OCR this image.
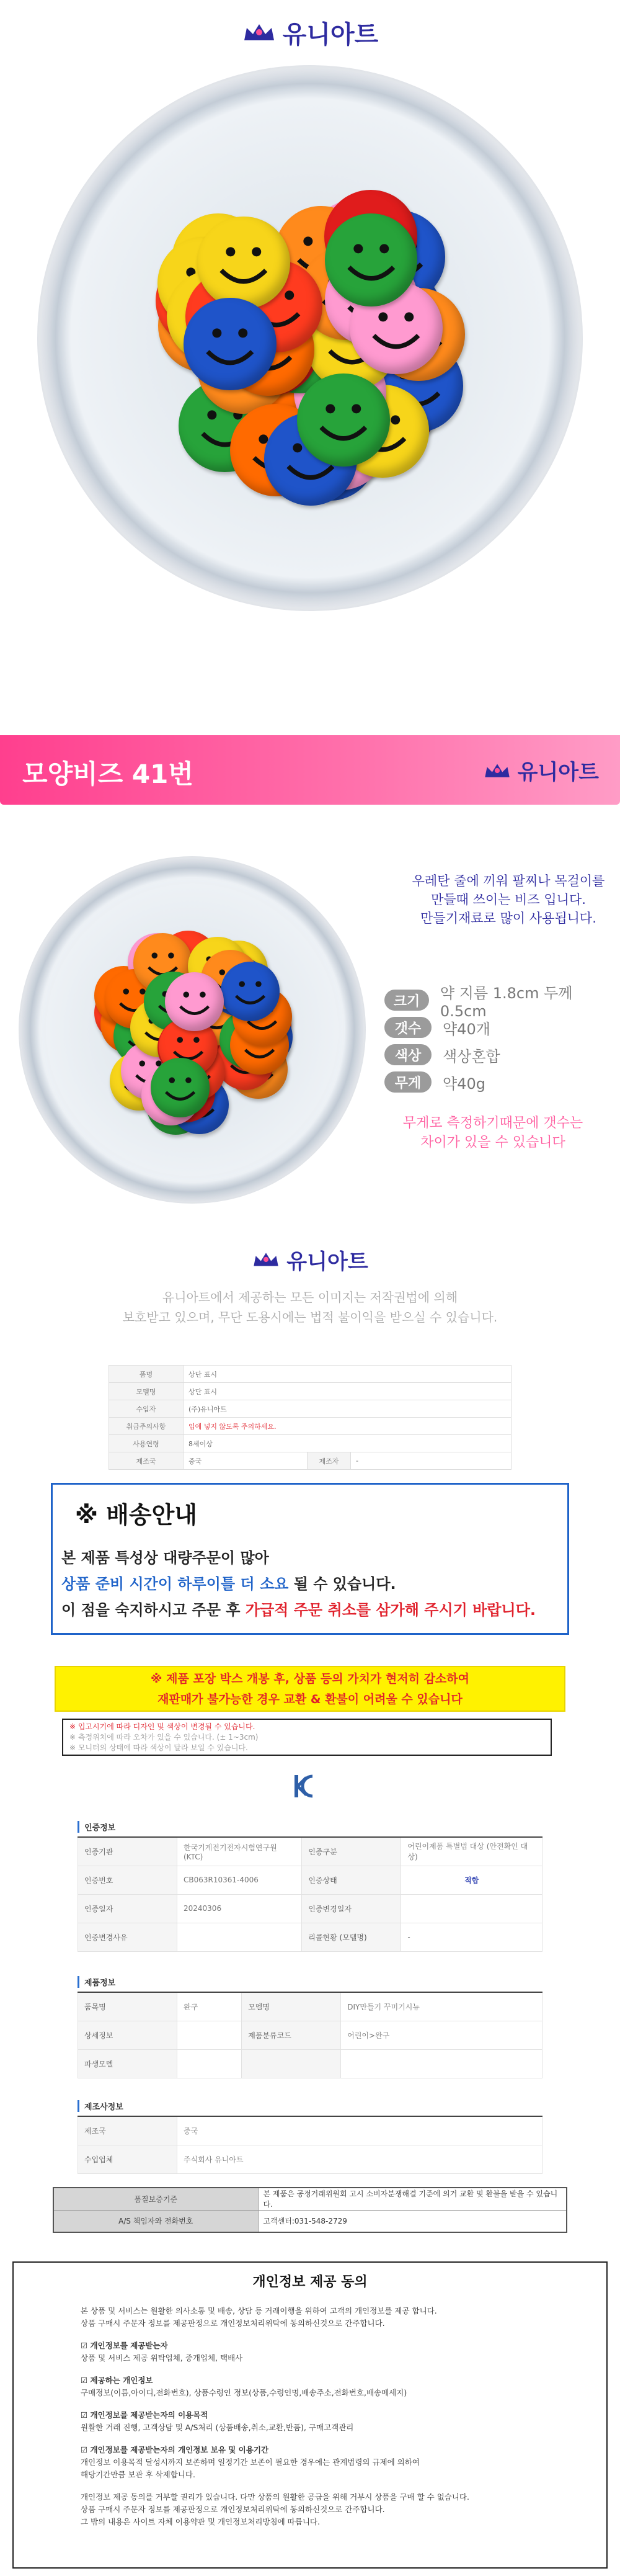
유니아트
모양비즈 41번	유니아트
우레탄 줄에 끼워 팔찌나 목걸이를
만들때 쓰이는 비즈 입니다.
만들기재료로 많이 사용됩니다.
크기	약 지름 1.8cm 두께 0.5cm
갯수	약40개
색상	색상혼합
무게	약40g
무게로 측정하기때문에 갯수는
차이가 있을 수 있습니다
유니아트
유니아트에서 제공하는 모든 이미지는 저작권법에 의해
보호받고 있으며, 무단 도용시에는 법적 불이익을 받으실 수 있습니다.
품명	상단 표시		
모델명	상단 표시		
수입자	(주)유니아트		
취급주의사항	입에 넣지 않도록 주의하세요.		
사용연령	8세이상		
제조국	중국	제조자	-
※ 배송안내
본 제품 특성상 대량주문이 많아
상품 준비 시간이 하루이틀 더 소요 될 수 있습니다.
이 점을 숙지하시고 주문 후 가급적 주문 취소를 삼가해 주시기 바랍니다.
※ 제품 포장 박스 개봉 후, 상품 등의 가치가 현저히 감소하여
재판매가 불가능한 경우 교환 & 환불이 어려울 수 있습니다
※ 입고시기에 따라 디자인 및 색상이 변경될 수 있습니다.
※ 측정위치에 따라 오차가 있을 수 있습니다. (± 1~3cm)
※ 모니터의 상태에 따라 색상이 달라 보일 수 있습니다.
인증정보
인증기관	한국기계전기전자시험연구원(KTC)	인증구분	어린이제품 특별법 대상 (안전확인 대상)
인증번호	CB063R10361-4006	인증상태	적합
인증일자	20240306	인증변경일자	
인증변경사유		리콜현황 (모델명)	-
제품정보
품목명	완구	모델명	DIY만들기 꾸미기시뉴
상세정보		제품분류코드	어린이>완구
파생모델			
제조사정보
제조국	중국
수입업체	주식회사 유니아트
품질보증기준	본 제품은 공정거래위원회 고시 소비자분쟁해결 기준에 의거 교환 및 환불을 받을 수 있습니다.
A/S 책임자와 전화번호	고객센터:031-548-2729
개인정보 제공 동의
본 상품 및 서비스는 원활한 의사소통 및 배송, 상담 등 거래이행을 위하여 고객의 개인정보를 제공 합니다.
상품 구매시 주문자 정보를 제공판정으로 개인정보처리위탁에 동의하신것으로 간주합니다.
☑ 개인정보를 제공받는자
상품 및 서비스 제공 위탁업체, 중개업체, 택배사
☑ 제공하는 개인정보
구매정보(이름,아이디,전화번호), 상품수령인 정보(상품,수령인명,배송주소,전화번호,배송메세지)
☑ 개인정보를 제공받는자의 이용목적
원활한 거래 진행, 고객상담 및 A/S처리 (상품배송,취소,교환,반품), 구매고객관리
☑ 개인정보를 제공받는자의 개인정보 보유 및 이용기간
개인정보 이용목적 달성시까지 보존하며 일정기간 보존이 필요한 경우에는 관계법령의 규제에 의하여
해당기간만큼 보관 후 삭제합니다.
개인정보 제공 동의를 거부할 권리가 있습니다. 다만 상품의 원활한 공급을 위해 거부시 상품을 구매 할 수 없습니다.
상품 구매시 주문자 정보를 제공판정으로 개인정보처리위탁에 동의하신것으로 간주합니다.
그 밖의 내용은 사이트 자체 이용약관 및 개인정보처리방침에 따릅니다.
